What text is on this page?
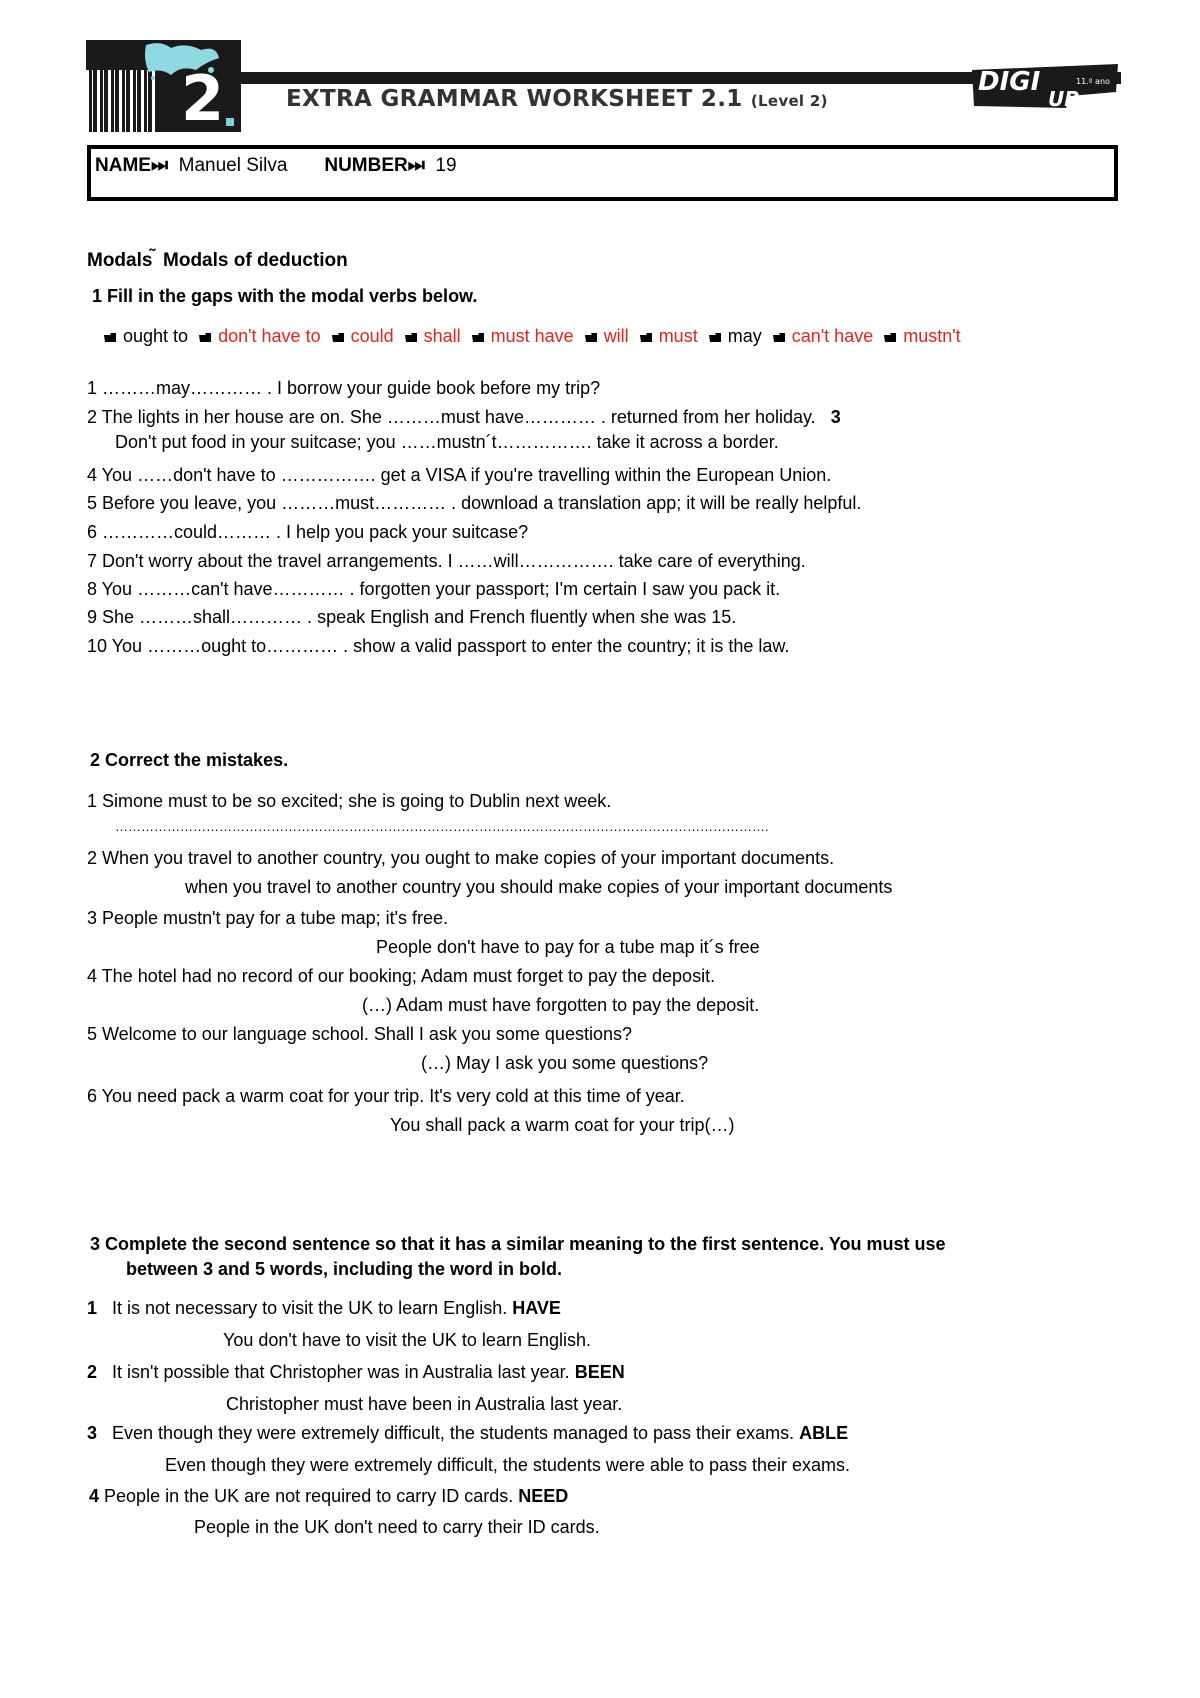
2	EXTRA GRAMMAR WORKSHEET 2.1 (Level 2)
DIGI
UP
11.º ano
NAME⏭ Manuel Silva NUMBER⏭ 19
Modals ̃ Modals of deduction
1 Fill in the gaps with the modal verbs below.
ought to don't have to could shall must have will must may can't have mustn't
1 ………may………… . I borrow your guide book before my trip?
2 The lights in her house are on. She ………must have………… . returned from her holiday. 3
Don't put food in your suitcase; you ……mustn´t……………. take it across a border.
4 You ……don't have to ……………. get a VISA if you're travelling within the European Union.
5 Before you leave, you ………must………… . download a translation app; it will be really helpful.
6 …………could……… . I help you pack your suitcase?
7 Don't worry about the travel arrangements. I ……will……………. take care of everything.
8 You ………can't have………… . forgotten your passport; I'm certain I saw you pack it.
9 She ………shall………… . speak English and French fluently when she was 15.
10 You ………ought to………… . show a valid passport to enter the country; it is the law.
2 Correct the mistakes.
1 Simone must to be so excited; she is going to Dublin next week.
…………………………………………………………………………………………………………………………………….
2 When you travel to another country, you ought to make copies of your important documents.
when you travel to another country you should make copies of your important documents
3 People mustn't pay for a tube map; it's free.
People don't have to pay for a tube map it´s free
4 The hotel had no record of our booking; Adam must forget to pay the deposit.
(…) Adam must have forgotten to pay the deposit.
5 Welcome to our language school. Shall I ask you some questions?
(…) May I ask you some questions?
6 You need pack a warm coat for your trip. It's very cold at this time of year.
You shall pack a warm coat for your trip(…)
3 Complete the second sentence so that it has a similar meaning to the first sentence. You must use
between 3 and 5 words, including the word in bold.
1 It is not necessary to visit the UK to learn English. HAVE
You don't have to visit the UK to learn English.
2 It isn't possible that Christopher was in Australia last year. BEEN
Christopher must have been in Australia last year.
3 Even though they were extremely difficult, the students managed to pass their exams. ABLE
Even though they were extremely difficult, the students were able to pass their exams.
4 People in the UK are not required to carry ID cards. NEED
People in the UK don't need to carry their ID cards.
